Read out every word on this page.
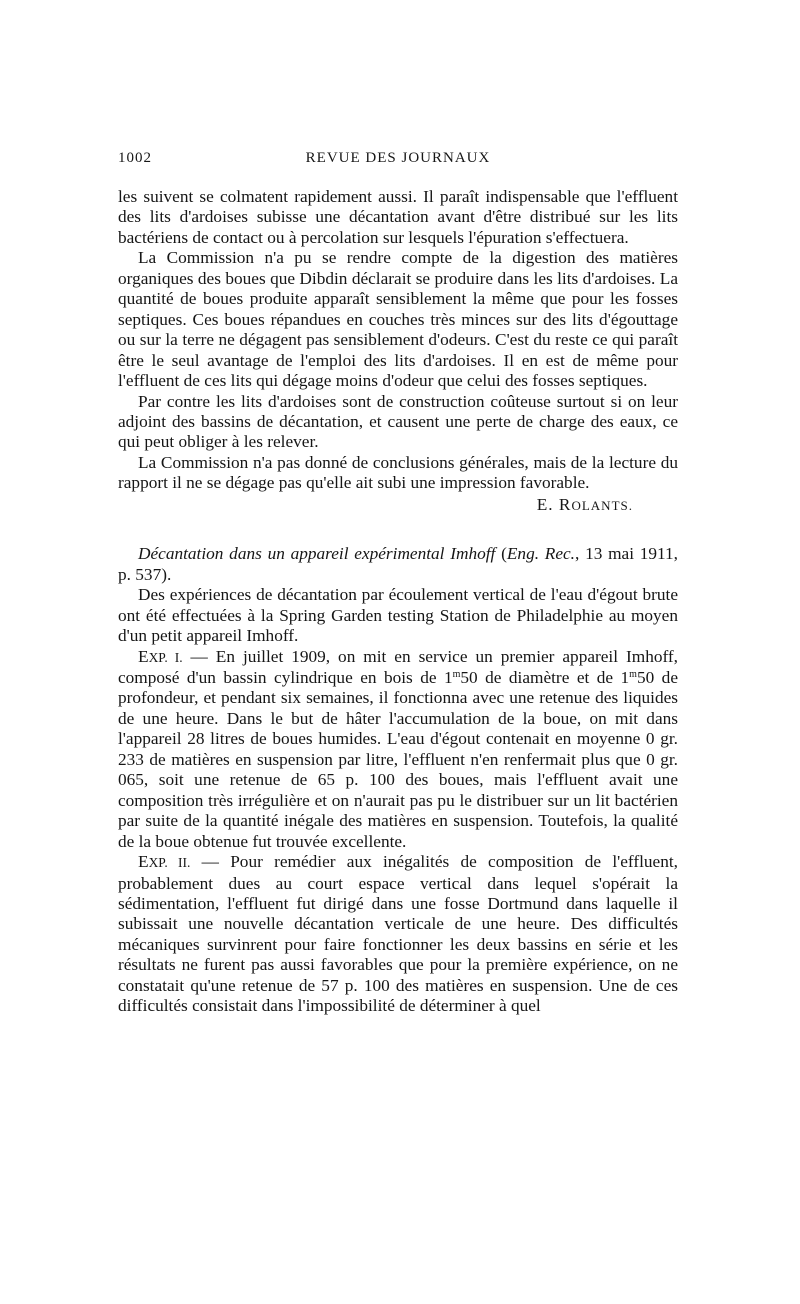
1002	REVUE DES JOURNAUX

les suivent se colmatent rapidement aussi. Il paraît indispensable que l'effluent des lits d'ardoises subisse une décantation avant d'être distribué sur les lits bactériens de contact ou à percolation sur lesquels l'épuration s'effectuera.

La Commission n'a pu se rendre compte de la digestion des matières organiques des boues que Dibdin déclarait se produire dans les lits d'ardoises. La quantité de boues produite apparaît sensiblement la même que pour les fosses septiques. Ces boues répandues en couches très minces sur des lits d'égouttage ou sur la terre ne dégagent pas sensiblement d'odeurs. C'est du reste ce qui paraît être le seul avantage de l'emploi des lits d'ardoises. Il en est de même pour l'effluent de ces lits qui dégage moins d'odeur que celui des fosses septiques.

Par contre les lits d'ardoises sont de construction coûteuse surtout si on leur adjoint des bassins de décantation, et causent une perte de charge des eaux, ce qui peut obliger à les relever.

La Commission n'a pas donné de conclusions générales, mais de la lecture du rapport il ne se dégage pas qu'elle ait subi une impression favorable.

E. ROLANTS.

Décantation dans un appareil expérimental Imhoff (Eng. Rec., 13 mai 1911, p. 537).

Des expériences de décantation par écoulement vertical de l'eau d'égout brute ont été effectuées à la Spring Garden testing Station de Philadelphie au moyen d'un petit appareil Imhoff.

EXP. I. — En juillet 1909, on mit en service un premier appareil Imhoff, composé d'un bassin cylindrique en bois de 1$^m$50 de diamètre et de 1$^m$50 de profondeur, et pendant six semaines, il fonctionna avec une retenue des liquides de une heure. Dans le but de hâter l'accumulation de la boue, on mit dans l'appareil 28 litres de boues humides. L'eau d'égout contenait en moyenne 0 gr. 233 de matières en suspension par litre, l'effluent n'en renfermait plus que 0 gr. 065, soit une retenue de 65 p. 100 des boues, mais l'effluent avait une composition très irrégulière et on n'aurait pas pu le distribuer sur un lit bactérien par suite de la quantité inégale des matières en suspension. Toutefois, la qualité de la boue obtenue fut trouvée excellente.

EXP. II. — Pour remédier aux inégalités de composition de l'effluent, probablement dues au court espace vertical dans lequel s'opérait la sédimentation, l'effluent fut dirigé dans une fosse Dortmund dans laquelle il subissait une nouvelle décantation verticale de une heure. Des difficultés mécaniques survinrent pour faire fonctionner les deux bassins en série et les résultats ne furent pas aussi favorables que pour la première expérience, on ne constatait qu'une retenue de 57 p. 100 des matières en suspension. Une de ces difficultés consistait dans l'impossibilité de déterminer à quel
